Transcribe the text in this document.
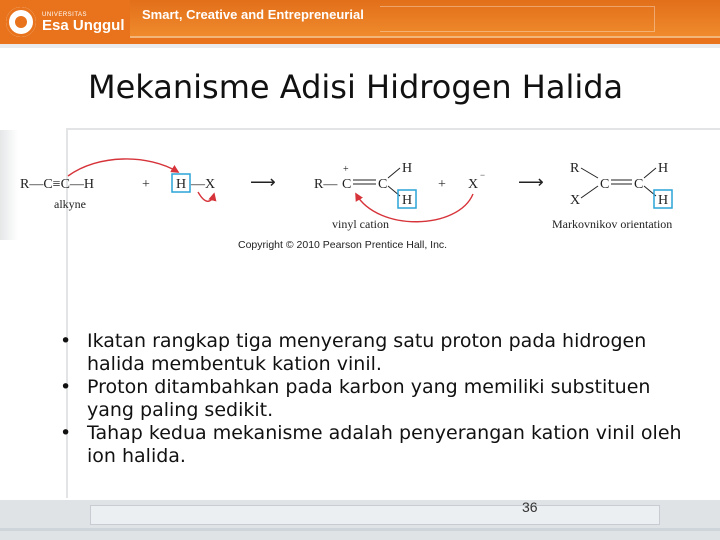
UNIVERSITAS
Esa Unggul
Smart, Creative and Entrepreneurial
Mekanisme Adisi Hidrogen Halida
R—C≡C—H	+ H —X
alkyne
⟶	R— C
+
C
H
H
+ X
−
vinyl cation
⟶
R
X
C C
H
H
Markovnikov orientation
Copyright © 2010 Pearson Prentice Hall, Inc.
• Ikatan rangkap tiga menyerang satu proton pada hidrogen halida membentuk kation vinil.
• Proton ditambahkan pada karbon yang memiliki substituen yang paling sedikit.
• Tahap kedua mekanisme adalah penyerangan kation vinil oleh ion halida.
36
